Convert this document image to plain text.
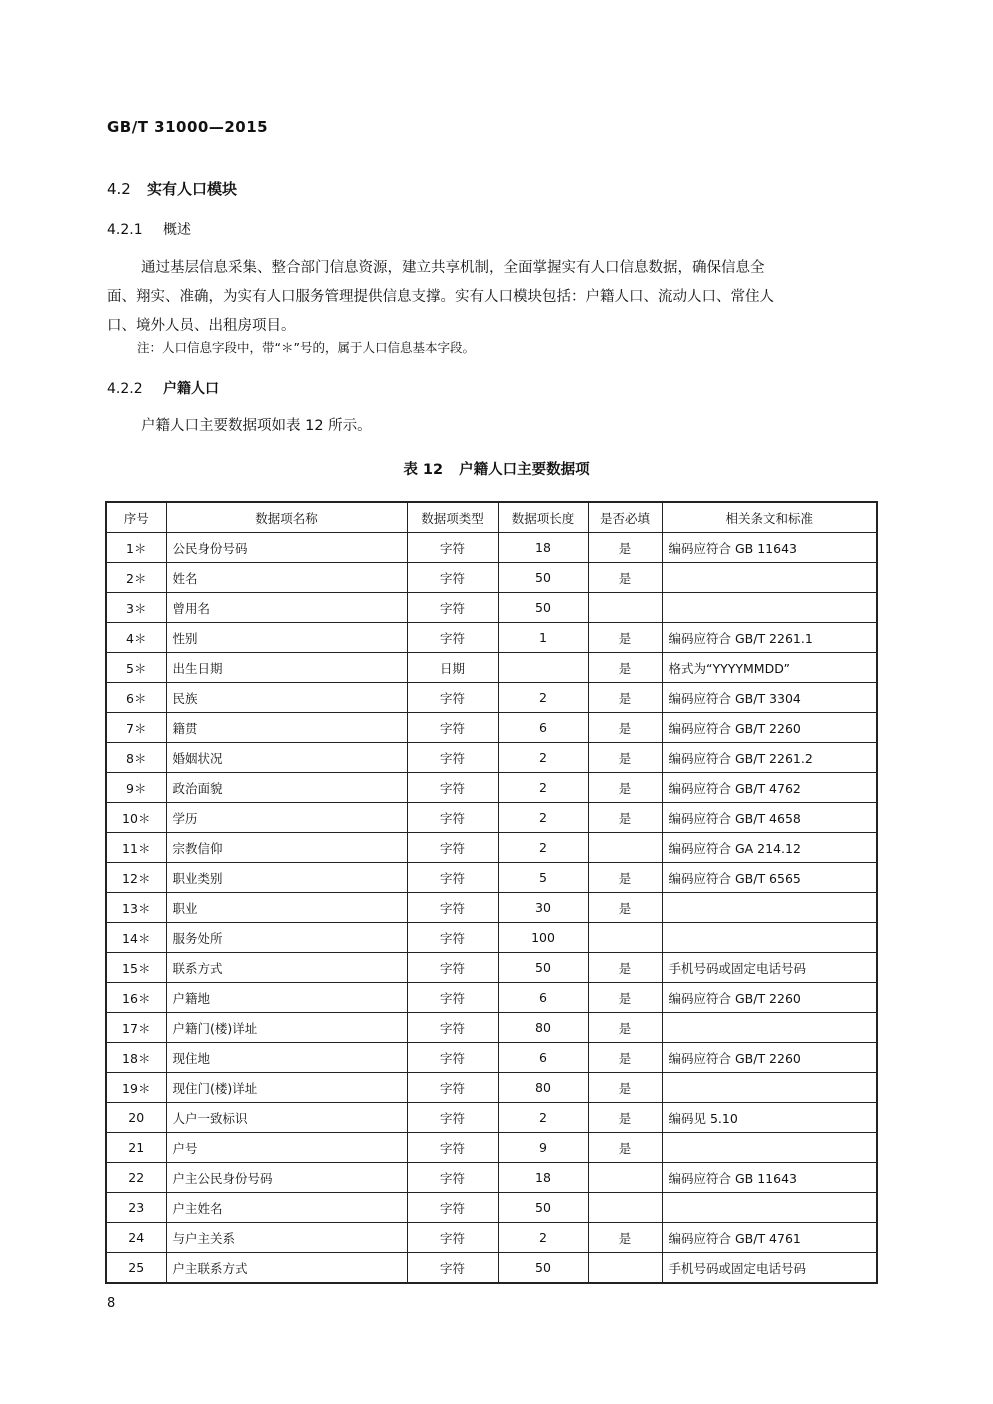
GB/T 31000—2015
4.2 实有人口模块
4.2.1 概述
通过基层信息采集、整合部门信息资源，建立共享机制，全面掌握实有人口信息数据，确保信息全
面、翔实、准确，为实有人口服务管理提供信息支撑。实有人口模块包括：户籍人口、流动人口、常住人
口、境外人员、出租房项目。
注：人口信息字段中，带“＊”号的，属于人口信息基本字段。
4.2.2 户籍人口
户籍人口主要数据项如表 12 所示。
表 12 户籍人口主要数据项
序号	数据项名称	数据项类型	数据项长度	是否必填	相关条文和标准
1＊	公民身份号码	字符	18	是	编码应符合 GB 11643
2＊	姓名	字符	50	是	
3＊	曾用名	字符	50		
4＊	性别	字符	1	是	编码应符合 GB/T 2261.1
5＊	出生日期	日期		是	格式为“YYYYMMDD”
6＊	民族	字符	2	是	编码应符合 GB/T 3304
7＊	籍贯	字符	6	是	编码应符合 GB/T 2260
8＊	婚姻状况	字符	2	是	编码应符合 GB/T 2261.2
9＊	政治面貌	字符	2	是	编码应符合 GB/T 4762
10＊	学历	字符	2	是	编码应符合 GB/T 4658
11＊	宗教信仰	字符	2		编码应符合 GA 214.12
12＊	职业类别	字符	5	是	编码应符合 GB/T 6565
13＊	职业	字符	30	是	
14＊	服务处所	字符	100		
15＊	联系方式	字符	50	是	手机号码或固定电话号码
16＊	户籍地	字符	6	是	编码应符合 GB/T 2260
17＊	户籍门(楼)详址	字符	80	是	
18＊	现住地	字符	6	是	编码应符合 GB/T 2260
19＊	现住门(楼)详址	字符	80	是	
20	人户一致标识	字符	2	是	编码见 5.10
21	户号	字符	9	是	
22	户主公民身份号码	字符	18		编码应符合 GB 11643
23	户主姓名	字符	50		
24	与户主关系	字符	2	是	编码应符合 GB/T 4761
25	户主联系方式	字符	50		手机号码或固定电话号码
8
